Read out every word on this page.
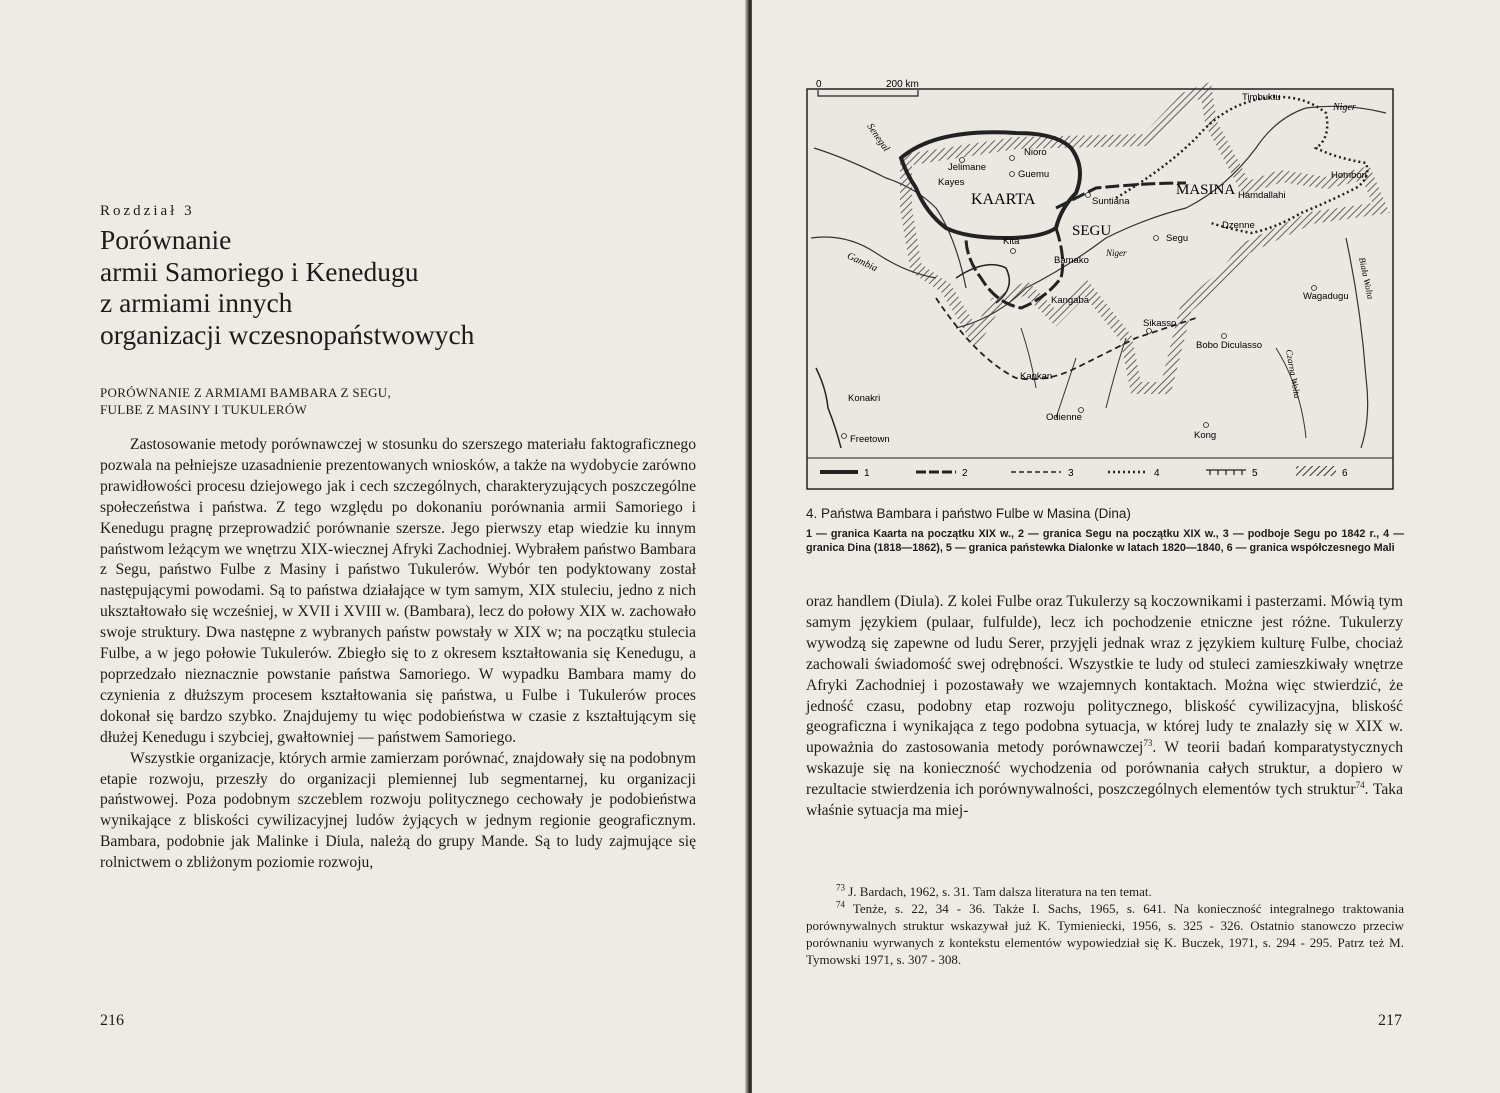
Rozdział 3
Porównanie
armii Samoriego i Kenedugu
z armiami innych
organizacji wczesnopaństwowych
PORÓWNANIE Z ARMIAMI BAMBARA Z SEGU,
FULBE Z MASINY I TUKULERÓW

Zastosowanie metody porównawczej w stosunku do szerszego materiału faktograficznego pozwala na pełniejsze uzasadnienie prezentowanych wniosków, a także na wydobycie zarówno prawidłowości procesu dziejowego jak i cech szczególnych, charakteryzujących poszczególne społeczeństwa i państwa. Z tego względu po dokonaniu porównania armii Samoriego i Kenedugu pragnę przeprowadzić porównanie szersze. Jego pierwszy etap wiedzie ku innym państwom leżącym we wnętrzu XIX-wiecznej Afryki Zachodniej. Wybrałem państwo Bambara z Segu, państwo Fulbe z Masiny i państwo Tukulerów. Wybór ten podyktowany został następującymi powodami. Są to państwa działające w tym samym, XIX stuleciu, jedno z nich ukształtowało się wcześniej, w XVII i XVIII w. (Bambara), lecz do połowy XIX w. zachowało swoje struktury. Dwa następne z wybranych państw powstały w XIX w; na początku stulecia Fulbe, a w jego połowie Tukulerów. Zbiegło się to z okresem kształtowania się Kenedugu, a poprzedzało nieznacznie powstanie państwa Samoriego. W wypadku Bambara mamy do czynienia z dłuższym procesem kształtowania się państwa, u Fulbe i Tukulerów proces dokonał się bardzo szybko. Znajdujemy tu więc podobieństwa w czasie z kształtującym się dłużej Kenedugu i szybciej, gwałtowniej — państwem Samoriego.

Wszystkie organizacje, których armie zamierzam porównać, znajdowały się na podobnym etapie rozwoju, przeszły do organizacji plemiennej lub segmentarnej, ku organizacji państwowej. Poza podobnym szczeblem rozwoju politycznego cechowały je podobieństwa wynikające z bliskości cywilizacyjnej ludów żyjących w jednym regionie geograficznym. Bambara, podobnie jak Malinke i Diula, należą do grupy Mande. Są to ludy zajmujące się rolnictwem o zbliżonym poziomie rozwoju,

216
0	200 km
KAARTA
SEGU
MASINA
Niger
Niger
Senegal
Gambia	Biała Wolta
Czarna Wolta
Timbuktu
Nioro
Jelimane
Guemu
Kayes
Hombori
Hamdallahi
Suntiana
Dzenne
Segu
Kita
Bamako
Kangaba	Wagadugu
Sikasso
Bobo Diculasso
Kankan
Konakri
Odienne
Freetown	Kong
1	2	3	4	5	6
4. Państwa Bambara i państwo Fulbe w Masina (Dina)
1 — granica Kaarta na początku XIX w., 2 — granica Segu na początku XIX w., 3 — podboje Segu po 1842 r., 4 — granica Dina (1818—1862), 5 — granica państewka Dialonke w latach 1820—1840, 6 — granica współczesnego Mali

oraz handlem (Diula). Z kolei Fulbe oraz Tukulerzy są koczownikami i pasterzami. Mówią tym samym językiem (pulaar, fulfulde), lecz ich pochodzenie etniczne jest różne. Tukulerzy wywodzą się zapewne od ludu Serer, przyjęli jednak wraz z językiem kulturę Fulbe, chociaż zachowali świadomość swej odrębności. Wszystkie te ludy od stuleci zamieszkiwały wnętrze Afryki Zachodniej i pozostawały we wzajemnych kontaktach. Można więc stwierdzić, że jedność czasu, podobny etap rozwoju politycznego, bliskość cywilizacyjna, bliskość geograficzna i wynikająca z tego podobna sytuacja, w której ludy te znalazły się w XIX w. upoważnia do zastosowania metody porównawczej$^{73}$. W teorii badań komparatystycznych wskazuje się na konieczność wychodzenia od porównania całych struktur, a dopiero w rezultacie stwierdzenia ich porównywalności, poszczególnych elementów tych struktur$^{74}$. Taka właśnie sytuacja ma miej-

$^{73}$ J. Bardach, 1962, s. 31. Tam dalsza literatura na ten temat.

$^{74}$ Tenże, s. 22, 34 - 36. Także I. Sachs, 1965, s. 641. Na konieczność integralnego traktowania porównywalnych struktur wskazywał już K. Tymieniecki, 1956, s. 325 - 326. Ostatnio stanowczo przeciw porównaniu wyrwanych z kontekstu elementów wypowiedział się K. Buczek, 1971, s. 294 - 295. Patrz też M. Tymowski 1971, s. 307 - 308.

217
